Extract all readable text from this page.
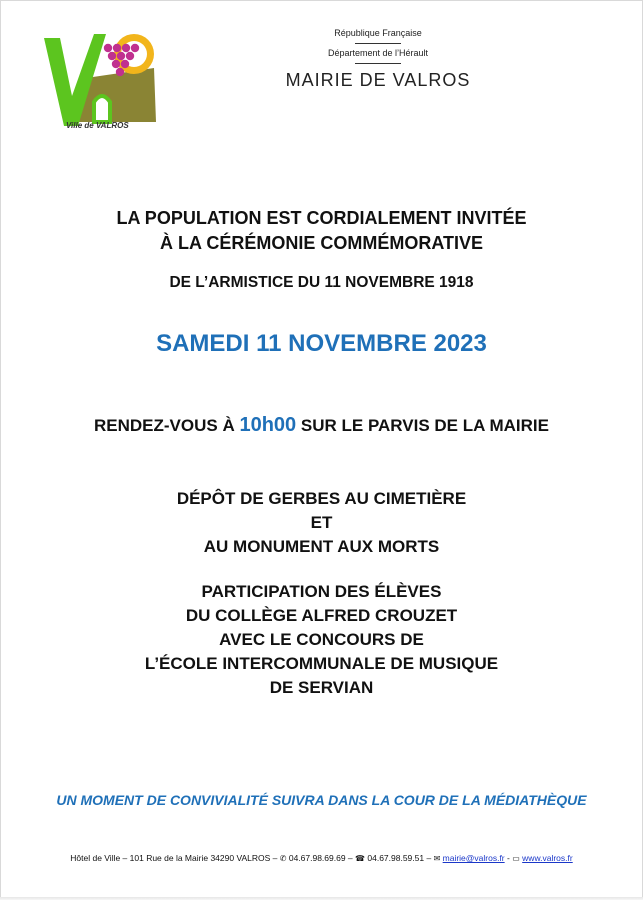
Ville de VALROS
République Française
Département de l’Hérault
MAIRIE DE VALROS
LA POPULATION EST CORDIALEMENT INVITÉE
À LA CÉRÉMONIE COMMÉMORATIVE
DE L’ARMISTICE DU 11 NOVEMBRE 1918
SAMEDI 11 NOVEMBRE 2023
RENDEZ-VOUS À 10h00 SUR LE PARVIS DE LA MAIRIE
DÉPÔT DE GERBES AU CIMETIÈRE
ET
AU MONUMENT AUX MORTS
PARTICIPATION DES ÉLÈVES
DU COLLÈGE ALFRED CROUZET
AVEC LE CONCOURS DE
L’ÉCOLE INTERCOMMUNALE DE MUSIQUE
DE SERVIAN
UN MOMENT DE CONVIVIALITÉ SUIVRA DANS LA COUR DE LA MÉDIATHÈQUE
Hôtel de Ville – 101 Rue de la Mairie 34290 VALROS – ✆ 04.67.98.69.69 – ☎ 04.67.98.59.51 – ✉ mairie@valros.fr - ▭ www.valros.fr
